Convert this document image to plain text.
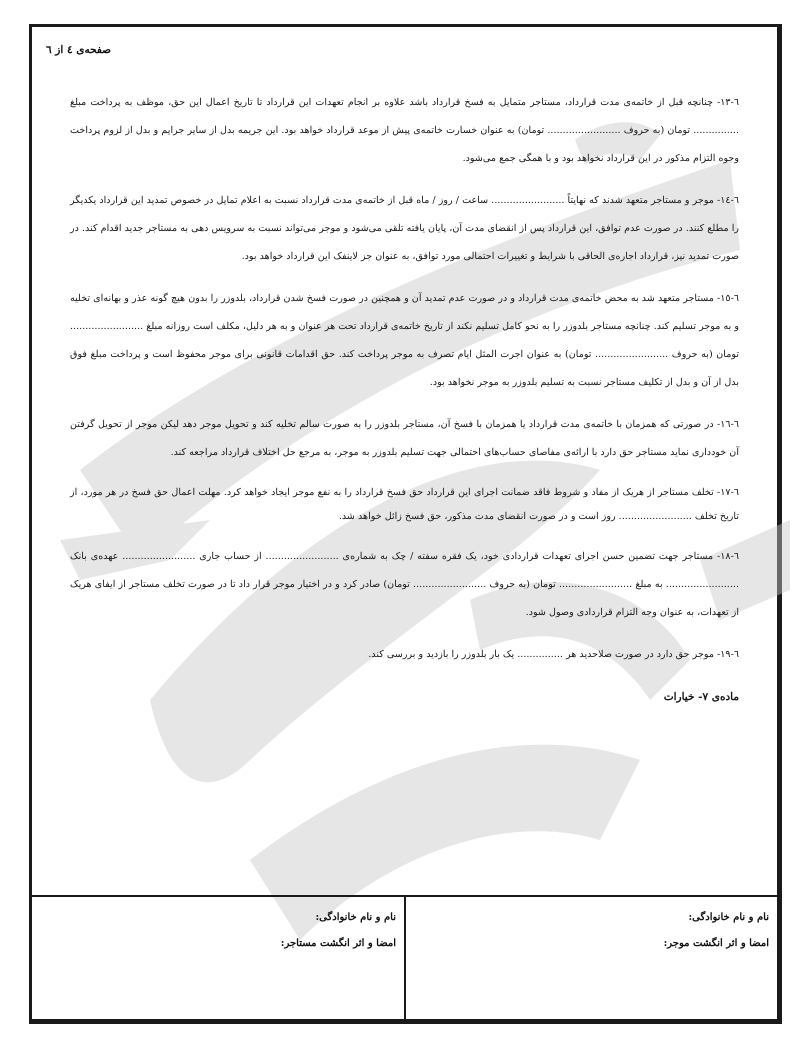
صفحه‌ی ٤ از ٦

٦-١٣- چنانچه قبل از خاتمه‌ی مدت قرارداد، مستاجر متمایل به فسخ قرارداد باشد علاوه بر انجام تعهدات این قرارداد تا تاریخ اعمال این حق، موظف به پرداخت مبلغ ............... تومان (به حروف ........................ تومان) به عنوان خسارت خاتمه‌ی پیش از موعد قرارداد خواهد بود. این جریمه بدل از سایر جرایم و بدل از لزوم پرداخت وجوه التزام مذکور در این قرارداد نخواهد بود و با همگی جمع می‌شود.

٦-١٤- موجر و مستاجر متعهد شدند که نهایتاً ........................ ساعت / روز / ماه قبل از خاتمه‌ی مدت قرارداد نسبت به اعلام تمایل در خصوص تمدید این قرارداد یکدیگر را مطلع کنند. در صورت عدم توافق، این قرارداد پس از انقضای مدت آن، پایان یافته تلقی می‌شود و موجر می‌تواند نسبت به سرویس دهی به مستاجر جدید اقدام کند. در صورت تمدید نیز، قرارداد اجاره‌ی الحاقی با شرایط و تغییرات احتمالی مورد توافق، به عنوان جز لاینفک این قرارداد خواهد بود.

٦-١٥- مستاجر متعهد شد به محض خاتمه‌ی مدت قرارداد و در صورت عدم تمدید آن و همچنین در صورت فسخ شدن قرارداد، بلدوزر را بدون هیچ گونه عذر و بهانه‌ای تخلیه و به موجر تسلیم کند. چنانچه مستاجر بلدوزر را به نحو کامل تسلیم نکند از تاریخ خاتمه‌ی قرارداد تحت هر عنوان و به هر دلیل، مکلف است روزانه مبلغ ........................ تومان (به حروف ........................ تومان) به عنوان اجرت المثل ایام تصرف به موجر پرداخت کند. حق اقدامات قانونی برای موجر محفوظ است و پرداخت مبلغ فوق بدل از آن و بدل از تکلیف مستاجر نسبت به تسلیم بلدوزر به موجر نخواهد بود.

٦-١٦- در صورتی که همزمان با خاتمه‌ی مدت قرارداد یا همزمان با فسخ آن، مستاجر بلدوزر را به صورت سالم تخلیه کند و تحویل موجر دهد لیکن موجر از تحویل گرفتن آن خودداری نماید مستاجر حق دارد با ارائه‌ی مفاصای حساب‌های احتمالی جهت تسلیم بلدوزر به موجر، به مرجع حل اختلاف قرارداد مراجعه کند.

٦-١٧- تخلف مستاجر از هریک از مفاد و شروط فاقد ضمانت اجرای این قرارداد حق فسخ قرارداد را به نفع موجر ایجاد خواهد کرد. مهلت اعمال حق فسخ در هر مورد، از تاریخ تخلف ........................ روز است و در صورت انقضای مدت مذکور، حق فسخ زائل خواهد شد.

٦-١٨- مستاجر جهت تضمین حسن اجرای تعهدات قراردادی خود، یک فقره سفته / چک به شماره‌ی ........................ از حساب جاری ........................ عهده‌ی بانک ........................ به مبلغ ........................ تومان (به حروف ........................ تومان) صادر کرد و در اختیار موجر قرار داد تا در صورت تخلف مستاجر از ایفای هریک از تعهدات، به عنوان وجه التزام قراردادی وصول شود.

٦-١٩- موجر حق دارد در صورت صلاحدید هر ............... یک بار بلدوزر را بازدید و بررسی کند.

ماده‌ی ٧- خیارات

نام و نام خانوادگی:
امضا و اثر انگشت موجر:
نام و نام خانوادگی:
امضا و اثر انگشت مستاجر:
